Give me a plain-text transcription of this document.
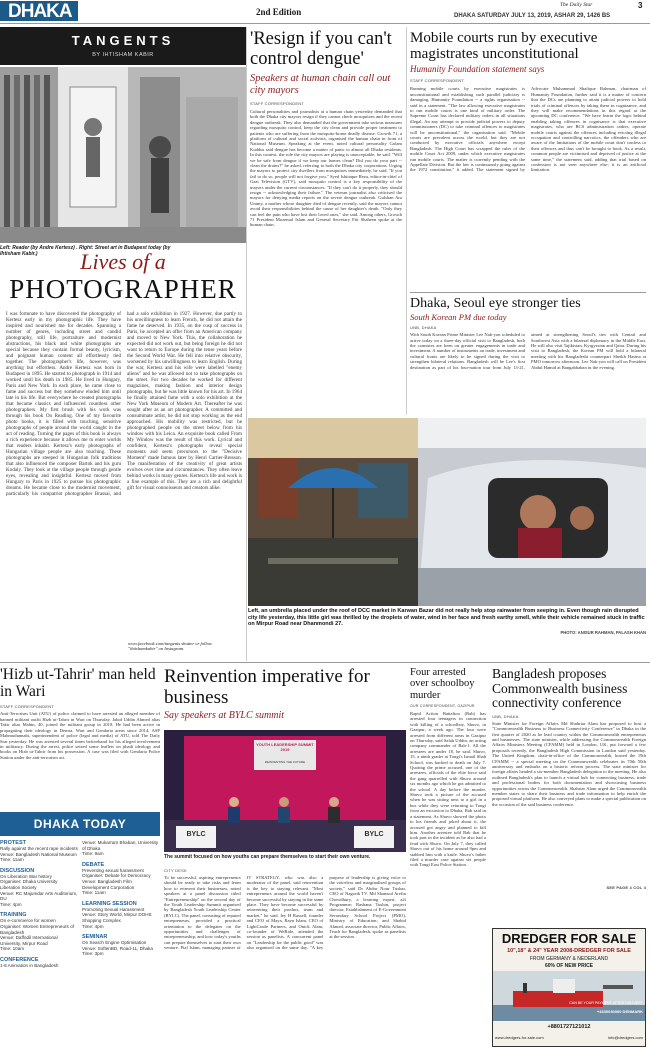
DHAKA	2nd Edition
The Daily Star	3
DHAKA SATURDAY JULY 13, 2019, ASHAR 29, 1426 BS
TANGENTS
BY IHTISHAM KABIR
Left: Reader (by Andre Kertesz) . Right: Street art in Budapest today (by Ihtisham Kabir.)	Lives of a
PHOTOGRAPHER
I was fortunate to have discovered the photography of Kertesz early in my photographic life. They have inspired and nourished me for decades. Spanning a number of genres, including street and candid photography, still life, portraiture and modernist abstractions, his black and white photographs are special because they contain formal beauty, lyricism, and poignant human content all effortlessly tied together. The photographer's life, however, was anything but effortless. Andre Kertesz was born in Budapest in 1895. He started to photograph in 1914 and worked until his death in 1985. He lived in Hungary, Paris and New York. In each place, he came close to fame and success but they somehow eluded him until late in his life. But everywhere he created photographs that became classics and influenced countless other photographers. My first brush with his work was through his book On Reading. One of my favourite photo books, it is filled with touching, sensitive photographs of people around the world caught in the act of reading. Turning the pages of this book is always a rich experience because it allows me to enter worlds that readers inhabit. Kertesz's early photographs of Hungarian village people are also touching. These photographs are steeped in Hungarian folk traditions that also influenced the composer Bartok and his guru Kodaly. They look at the village people through gentle eyes, revealing and insightful. Kertesz moved from Hungary to Paris in 1925 to pursue his photographic dreams. He became close to the modernist movement, particularly his compatriot photographer Brassai, and had a solo exhibition in 1927. However, due partly to his unwillingness to learn French, he did not attain the fame he deserved. In 1935, on the cusp of success in Paris, he accepted an offer from an American company and moved to New York. This, the collaboration he expected did not work out, but being foreign he did not want to return to Europe during the tense years before the Second World War. He fell into relative obscurity, worsened by his unwillingness to learn English. During the war, Kertesz and his wife were labelled "enemy aliens" and he was allowed not to take photographs on the street. For two decades he worked for different magazines, making fashion and interior design photographs, but he was little known for his art. In 1964 he finally attained fame with a solo exhibition at the New York Museum of Modern Art. Thereafter he was sought after as an art photographer. A committed and consummate artist, he did not stop working as the end approached. His mobility was restricted, but he photographed people on the street below from his window with his Leica. An exquisite book called From My Window was the result of this work. Lyrical and confident, Kertesz's photographs reveal special moments and seem precursors to the "Decisive Moment" made famous later by Henri Cartier-Bresson. The manifestation of the creativity of great artists evolves over time and circumstances. They often leave behind works in many genres. Kertesz's life and work is a fine example of this. They are a rich and delightful gift for visual connoisseurs and creators alike.
www.facebook.com/tangents shutter or follow "ihtishamkabir" on Instagram.
'Resign if you can't control dengue'
Speakers at human chain call out city mayors
STAFF CORRESPONDENT
Cultural personalities and journalists at a human chain yesterday demanded that both the Dhaka city mayors resign if they cannot check mosquitoes and the recent dengue outbreak. They also demanded that the government take serious measures regarding mosquito control, keep the city clean and provide proper treatment to patients who are suffering from the mosquito-borne deadly disease. Growth 71, a platform of cultural and social activists, organised the human chain in front of National Museum. Speaking at the event, noted cultural personality Golam Kuddus said dengue has become a matter of panic to almost all Dhaka residents. In this context, the role the city mayors are playing is unacceptable, he said. "Will we be safe from dengue if we keep our homes clean? Did you do your part -- clean the drains?" he asked, referring to both the Dhaka city corporations. Urging the mayors to protect city dwellers from mosquitoes immediately, he said, "If you fail to do so, people will not forgive you." Syed Ishtiaque Reza, editor-in-chief of Gazi Television (GTV), said mosquito control is a key responsibility of the mayors under the current circumstances. "If they can't do it properly, they should resign -- acknowledging their failure." The veteran journalist also criticised the mayors for denying media reports on the severe dengue outbreak. Gulshan Ara Ummy, a mother whose daughter died of dengue recently, said the mayors cannot avoid their responsibilities behind the cause of her daughter's death. "Only they can feel the pain who have lost their loved ones," she said. Among others, Growth 71 President Mozemal Islam and General Secretary Fiti Shaheen spoke at the human chain.
Mobile courts run by executive magistrates unconstitutional
Humanity Foundation statement says
STAFF CORRESPONDENT
Running mobile courts by executive magistrates is unconstitutional and establishing such parallel judiciary is damaging, Humanity Foundation -- a rights organisation -- said in a statement. "The law allowing executive magistrates to run mobile courts is one kind of military order. The Supreme Court has declared military orders in all situations illegal. An any attempt to provide judicial powers to deputy commissioners (DC) to take criminal offences to magistrates will be unconstitutional," the organisation said. "Mobile courts are prevalent across the world, but they are not conducted by executive officials anywhere except Bangladesh. The High Court has scrapped the rules of the mobile Court Act 2009, under which executive magistrates run mobile courts. The matter is currently pending with the Appellate Division. But the law is continuously going against the 1972 constitution," it added. The statement signed by Advocate Muhammad Shafique Rahman, chairman of Humanity Foundation, further said it is a matter of concern that the DCs are planning to attain judicial powers to hold trials of criminal offences by taking these in cognizance, and they will make recommendations in this regard at the upcoming DC conference. "We have learnt the logic behind enabling taking offences in cognisance is that executive magistrates, who are BCS administration cadres, operate mobile courts against the offences including evicting illegal occupation and controlling narcotics, the offenders who are aware of the limitations of the mobile court don't confess to their offences and thus can't be brought to book. As a result, common people are victimised and deprived of justice at the same time," the statement said, adding that trial based on confession is not seen anywhere else; it is an artificial limitation.
Dhaka, Seoul eye stronger ties
South Korean PM due today
UNB, DHAKA
With South Korean Prime Minister Lee Nak-yon scheduled to arrive today on a three-day official visit to Bangladesh, both the countries are keen on greater engagements in trade and investment. A number of instruments on trade, investment and cultural fronts are likely to be signed during the visit to strengthen bilateral relations. Bangladesh will be Lee's first destination as part of his four-nation tour from July 13-21, aimed at strengthening Seoul's ties with Central and Southwest Asia with a bilateral diplomacy in the Middle East. He will also visit Tajikistan, Kyrgyzstan and Qatar. During his visit to Bangladesh, the Korean PM will hold a bilateral meeting with his Bangladeshi counterpart Sheikh Hasina at PMO tomorrow afternoon. Lee Nak-yon will call on President Abdul Hamid at Bangabhaban in the evening.
Left, an umbrella placed under the roof of DCC market in Karwan Bazar did not really help stop rainwater from seeping in. Even though rain disrupted city life yesterday, this little girl was thrilled by the droplets of water, wind in her face and fresh earthy smell, while their vehicle remained stuck in traffic on Mirpur Road near Dhanmondi 27.
PHOTO: ANISUR RAHMAN, PALASH KHAN
'Hizb ut-Tahrir' man held in Wari
STAFF CORRESPONDENT
Anti-Terrorism Unit (ATU) of police claimed to have arrested an alleged member of banned militant outfit Hizb ut-Tahrir in Wari on Thursday. Jahid Uddin Ahmed alias Takir alias Mahin, 40, joined the militant group in 2018. He had been active in propagating their ideology in Demra, Wari and Gendaria areas since 2014, ASP Mahmudunnabi, superintendent of police (legal and media) of ATU, told The Daily Star yesterday. He was arrested several times beforehand for his alleged involvement in militancy. During the arrest, police seized some leaflets on jihadi ideology and books on Hizb ut-Tahrir from his possession. A case was filed with Gendaria Police Station under the anti-terrorism act.
DHAKA TODAY
PROTEST
Rally against the recent rape incidents
Venue: Bangladesh National Museum
Time: 11am
DISCUSSION
On Liberation War history
Organiser: Dhaka University Liberation Society
Venue: RC Majumdar Arts Auditorium, DU
Time: 4pm
TRAINING
On e-commerce for women
Organiser: Women Entrepreneurs of Bangladesh
Venue: Daffodil International University, Mirpur Road
Time: 10am
CONFERENCE
1-8 Animation in Bangladesh
Venue: Mukarram Bhaban, University of Dhaka
Time: 9am
DEBATE
Preventing sexual harassment
Organiser: Debate for Democracy
Venue: Bangladesh Film Development Corporation
Time: 11am
LEARNING SESSION
Promoting Sexual Harassment
Venue: Story World, Mirpur DOHS Shopping Complex
Time: 4pm
SEMINAR
On Search Engine Optimisation
Venue: SoftenBD, Road-11, Dhaka
Time: 3pm
Reinvention imperative for business
Say speakers at BYLC summit
YOUTH LEADERSHIP SUMMIT 2019
REINVENTING THE FUTURE
BYLC	BYLC
The summit focused on how youths can prepare themselves to start their own venture.
CITY DESK
To be successful, aspiring entrepreneurs should be ready to take risks and learn how to reinvent their businesses, noted speakers at a panel discussion titled "Entrepreneurship" on the second day of the Youth Leadership Summit organised by Bangladesh Youth Leadership Center (BYLC). The panel, consisting of reputed entrepreneurs, provided a practical orientation to the delegates on the opportunities and challenges of entrepreneurship, and how today's youths can prepare themselves to start their own venture. Pial Islam, managing partner of JT STRATEGY, who was also a moderator of the panel, said reinvention is the key to staying relevant. "Most entrepreneurs around the world haven't become successful by staying in the same place. They have become successful by reinventing their product, team and market," he said. Iey H Rassell, founder and CEO of Maya, Rayn Islam, CEO of LightCastle Partners, and Onick Alam, co-founder of WeRide, attended the session as panelists. A concurrent panel on "Leadership for the public good" was also organised on the same day. "A key purpose of leadership is giving voice to the voiceless and marginalised groups of society," said Dr Abdur Nour Tushar, CEO of Nagorik TV. Md Shamsul Arefin Chowdhury, a learning expert, a2i Programme; Rashana Tushin, project director, Establishment of E-Government Secondary School Project (PMO), Ministry of Education; and Shahid Ahmed, associate director, Public Affairs, Teach for Bangladesh, spoke as panelists at the session.
Four arrested over schoolboy murder
OUR CORRESPONDENT, GAZIPUR
Rapid Action Battalion (Rab) has arrested four teenagers in connection with killing of a schoolboy, Shuvo, in Gazipur, a week ago. The four were arrested from different areas in Gazipur on Thursday, said Salah Uddin, an acting company commander of Rab-1. All the arrestees are under 18, he said. Shuvo, 15, a ninth grader at Tongi's Ismail Shah School, was hacked to death on July 7. Quoting the prime accused, one of the arrestees, officials of the elite force said the gang quarrelled with Shuvo around six months ago which he got admitted to the school. A day before the murder, Shuvo took a picture of the accused when he was sitting next to a girl in a bus while they were returning to Tongi from an excursion to Dhaka, Rab said in a statement. As Shuvo showed the photo to his friends and joked about it, the accused got angry and planned to kill him. Another arrestee told Rab that he took part in the incident as he also had a feud with Shuvo. On July 7, they called Shuvo out of his home around 9pm and stabbed him with a knife. Shuvo's father filed a murder case against six people with Tongi East Police Station.
Bangladesh proposes Commonwealth business connectivity conference
UNB, DHAKA
State Minister for Foreign Affairs Md Shahriar Alam has proposed to host a "Commonwealth Business to Business Connectivity Conference" in Dhaka in the first quarter of 2020 as he lead country within the Commonwealth entrepreneurs and businesses. The state minister, while addressing the Commonwealth Foreign Affairs Ministers Meeting (CFAMM) held in London, UK, put forward a few proposals recently, the Bangladesh High Commission in London said yesterday. The United Kingdom, chair-in-office of the Commonwealth, hosted the 19th CFAMM -- a special meeting on the Commonwealth celebrates its 70th 50th anniversary and embarks on a historic reform process. The state minister for foreign affairs headed a six-member Bangladesh delegation to the meeting. He also outlined Bangladesh's plan to launch a virtual hub for connecting business, trade and professional bodies for both documentation and showcasing business opportunities across the Commonwealth. Shahriar Alam urged the Commonwealth member states to share their business and trade information to help enrich the proposed virtual platform. He also conveyed plans to make a special publication on the occasion of the said business conference.
SEE PAGE 4 COL 4
DREDGER FOR SALE
10",18" & 24" YEAR 2008-DREDGER FOR SALE
FROM GERMANY & NEDERLAND
60% OF NEW PRICE
CAN BE YOUR PAYMENT AFTER DELIVERY
+4330030060 DENMARK
+8801727121012
www.dredgers-for-sale.com	info@dredgers.com
